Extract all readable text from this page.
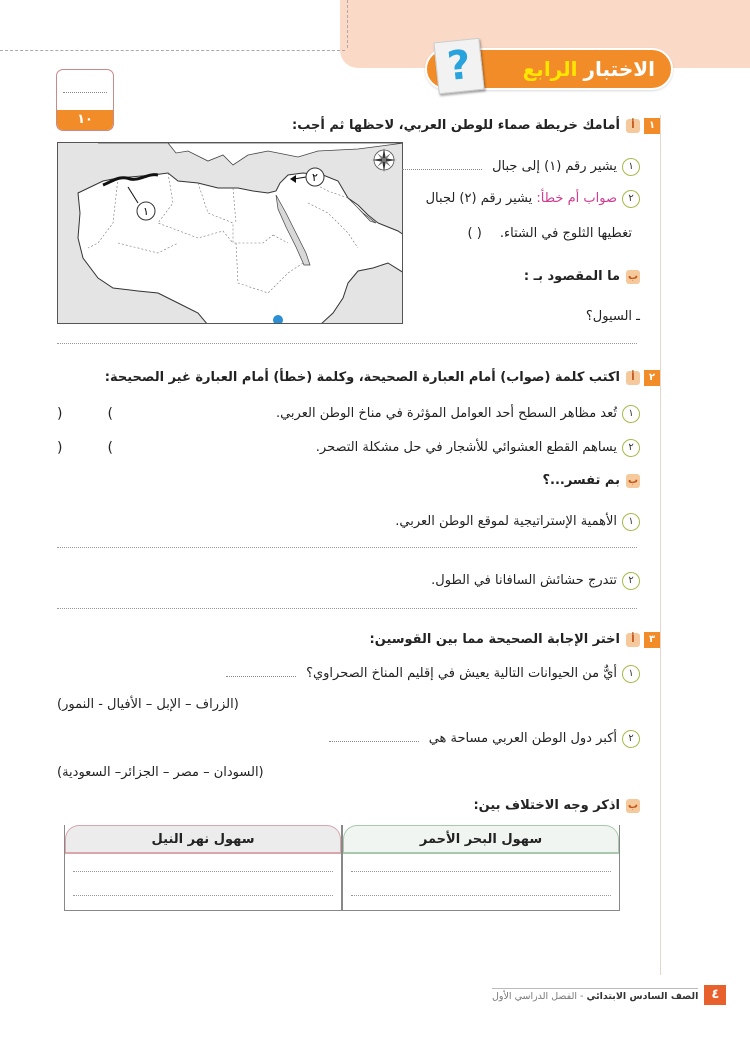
الاختبار
الرابع
?
١٠	١
أأمامك خريطة صماء للوطن العربي، لاحظها ثم أجب:
١
٢
١يشير رقم (١) إلى جبال
٢صواب أم خطأ: يشير رقم (٢) لجبال
تغطيها الثلوج في الشتاء. ( )
بما المقصود بـ :
ـ السيول؟
٢
أاكتب كلمة (صواب) أمام العبارة الصحيحة، وكلمة (خطأ) أمام العبارة غير الصحيحة:
١تُعد مظاهر السطح أحد العوامل المؤثرة في مناخ الوطن العربي.
)	(
٢يساهم القطع العشوائي للأشجار في حل مشكلة التصحر.
)	(
ببم تفسر...؟
١الأهمية الإستراتيجية لموقع الوطن العربي.
٢تتدرج حشائش السافانا في الطول.
٣
أاختر الإجابة الصحيحة مما بين القوسين:
١أيٌّ من الحيوانات التالية يعيش في إقليم المناخ الصحراوي؟
(الزراف – الإبل – الأفيال - النمور)
٢أكبر دول الوطن العربي مساحة هي
(السودان – مصر – الجزائر– السعودية)
باذكر وجه الاختلاف بين:
سهول البحر الأحمر
سهول نهر النيل
٤
الصف السادس الابتدائي - الفصل الدراسي الأول
